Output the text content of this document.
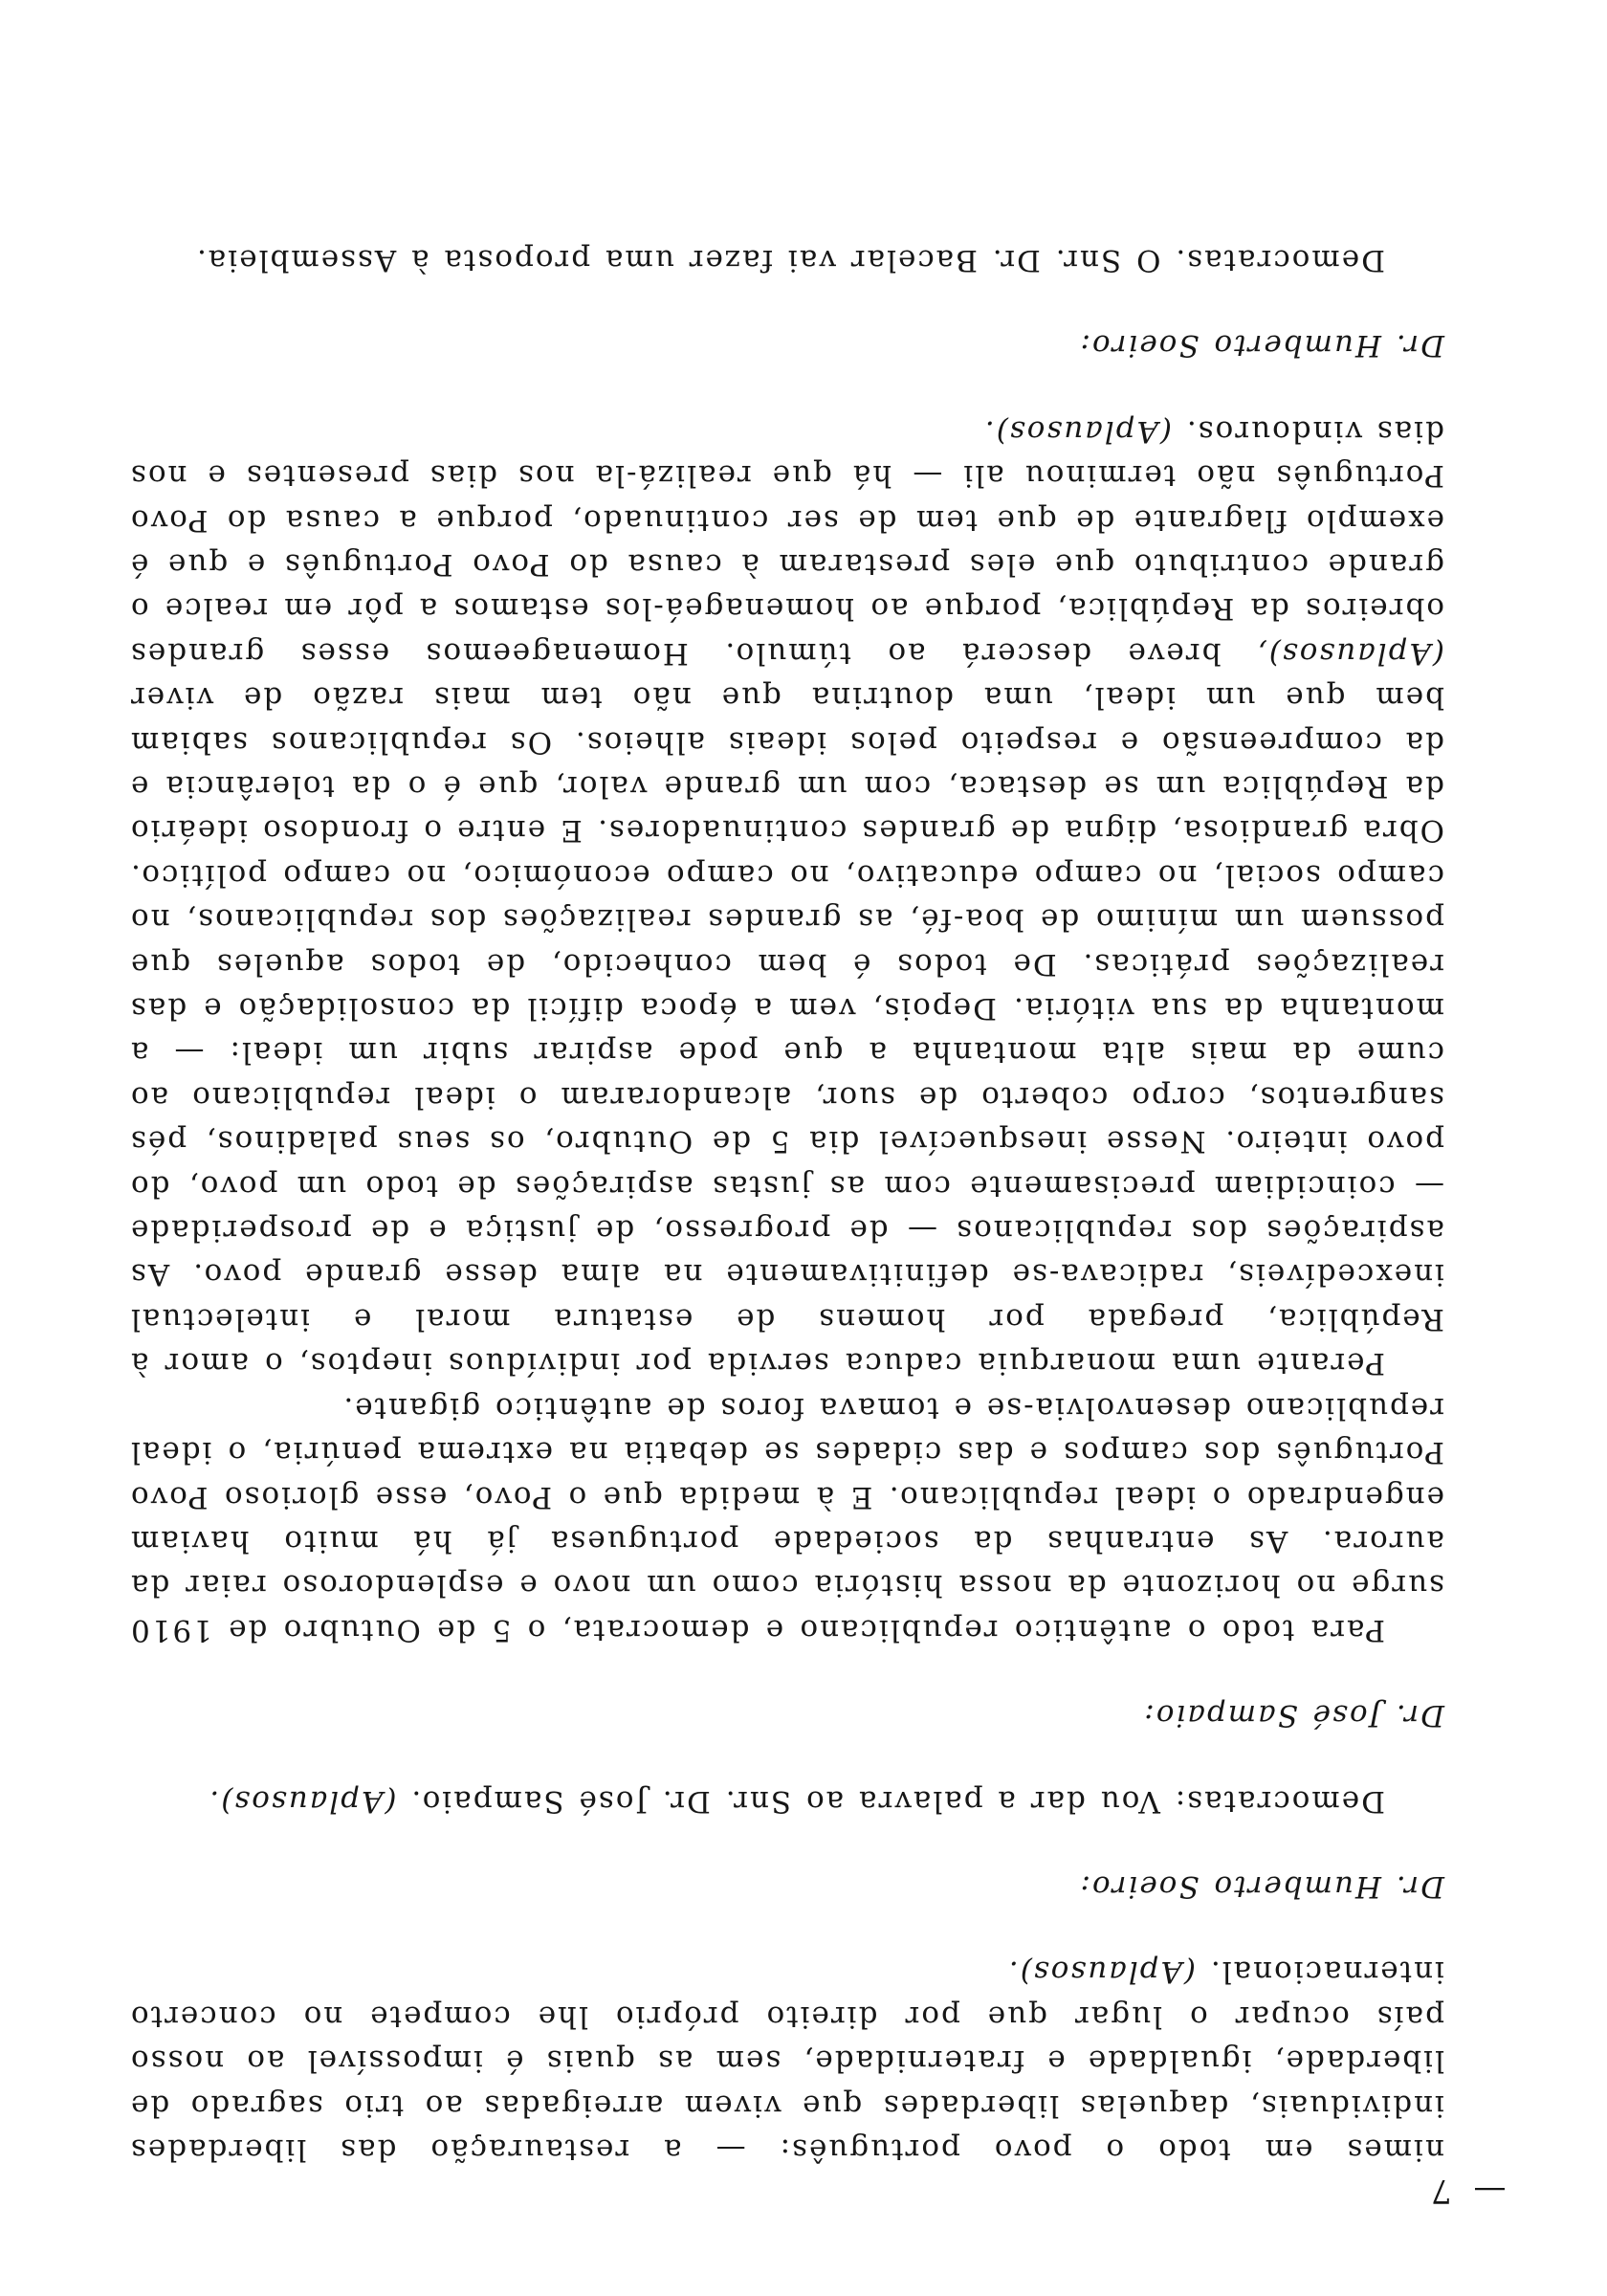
nimes em todo o povo português: — a restauração das liberdades individuais, daquelas liberdades que vivem arreigadas ao trio sagrado de liberdade, igualdade e fraternidade, sem as quais é impossível ao nosso país ocupar o lugar que por direito próprio lhe compete no concerto internacional. (Aplausos).

Dr. Humberto Soeiro:

Democratas: Vou dar a palavra ao Snr. Dr. José Sampaio. (Aplausos).

Dr. José Sampaio:

Para todo o autêntico republicano e democrata, o 5 de Outubro de 1910 surge no horizonte da nossa história como um novo e esplendoroso raiar da aurora. As entranhas da sociedade portuguesa já há muito haviam engendrado o ideal republicano. E à medida que o Povo, esse glorioso Povo Português dos campos e das cidades se debatia na extrema penúria, o ideal republicano desenvolvia-se e tomava foros de autêntico gigante.

Perante uma monarquia caduca servida por indivíduos ineptos, o amor à República, pregada por homens de estatura moral e intelectual inexcedíveis, radicava-se definitivamente na alma desse grande povo. As aspirações dos republicanos — de progresso, de justiça e de prosperidade — coincidiam precisamente com as justas aspirações de todo um povo, do povo inteiro. Nesse inesquecível dia 5 de Outubro, os seus paladinos, pés sangrentos, corpo coberto de suor, alcandoraram o ideal republicano ao cume da mais alta montanha a que pode aspirar subir um ideal: — a montanha da sua vitória. Depois, vem a época difícil da consolidação e das realizações práticas. De todos é bem conhecido, de todos aqueles que possuem um mínimo de boa-fé, as grandes realizações dos republicanos, no campo social, no campo educativo, no campo económico, no campo político. Obra grandiosa, digna de grandes continuadores. E entre o frondoso ideário da República um se destaca, com um grande valor, que é o da tolerância e da compreensão e respeito pelos ideais alheios. Os republicanos sabiam bem que um ideal, uma doutrina que não tem mais razão de viver (Aplausos), breve descerá ao túmulo. Homenageemos esses grandes obreiros da República, porque ao homenageá-los estamos a pôr em realce o grande contributo que eles prestaram à causa do Povo Português e que é exemplo flagrante de que tem de ser continuado, porque a causa do Povo Português não terminou ali — há que realizá-la nos dias presentes e nos dias vindouros. (Aplausos).

Dr. Humberto Soeiro:

Democratas. O Snr. Dr. Bacelar vai fazer uma proposta à Assembleia.

— 7
